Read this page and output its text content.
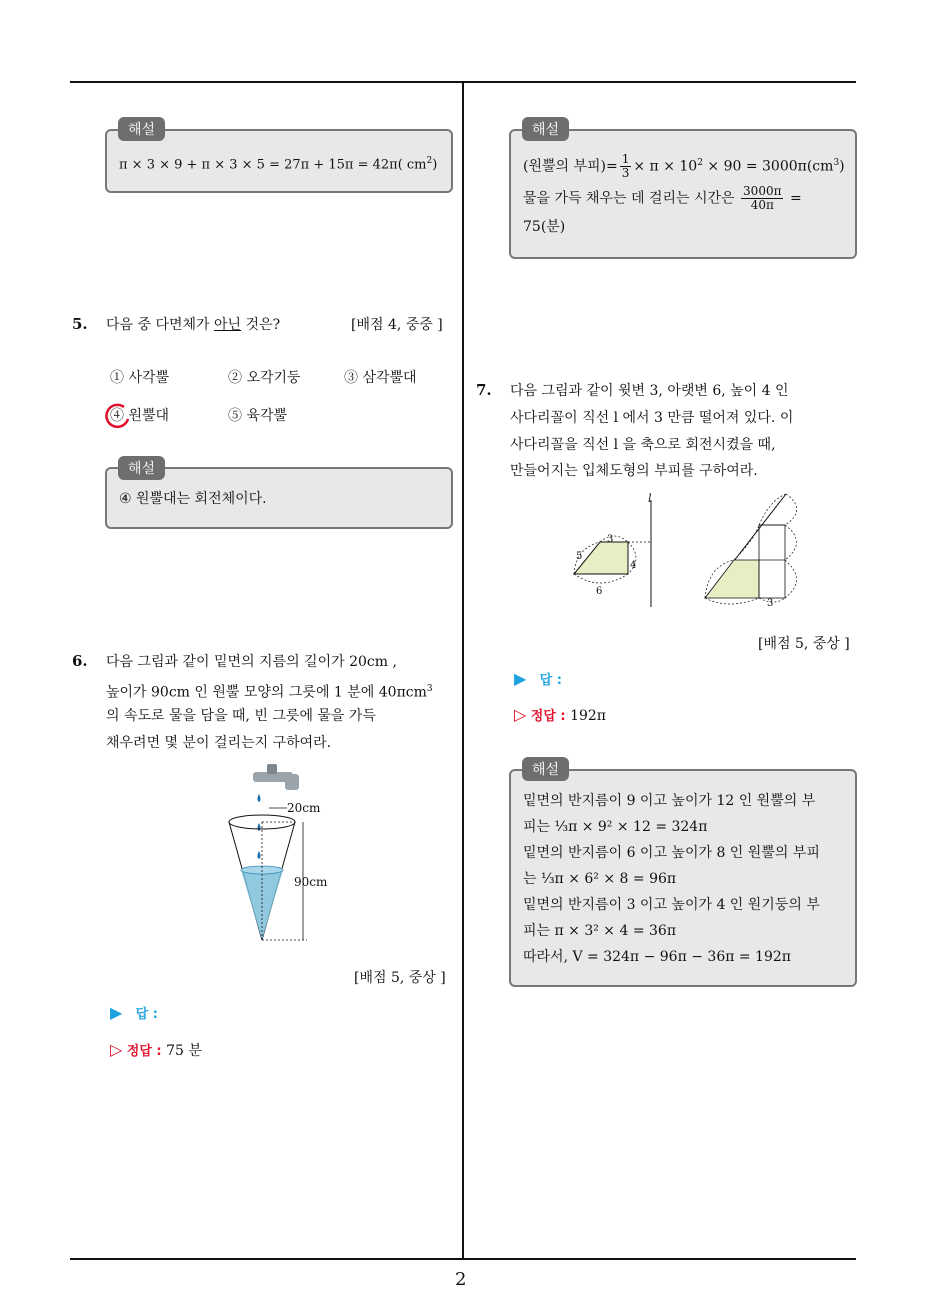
2
π × 3 × 9 + π × 3 × 5 = 27π + 15π = 42π( $cm^2$)
해설
5. 다음 중 다면체가 아닌 것은?	[배점 4, 중중 ]
① 사각뿔	② 오각기둥	③ 삼각뿔대
④ 원뿔대	⑤ 육각뿔
④ 원뿔대는 회전체이다.
해설
6. 다음 그림과 같이 밑면의 지름의 길이가 20cm ,
높이가 90cm 인 원뿔 모양의 그릇에 1 분에 40πcm$^3$
의 속도로 물을 담을 때, 빈 그릇에 물을 가득
채우려면 몇 분이 걸리는지 구하여라.
20cm
90cm
[배점 5, 중상 ]
▶ 답 :
▷ 정답 : 75 분
(원뿔의 부피)= $\frac{1}{3} \times \pi \times 10^2 \times 90 = 3000\pi(cm^3)$
물을 가득 채우는 데 걸리는 시간은 $\frac{3000\pi}{40\pi}$ =
75(분)
해설
7. 다음 그림과 같이 윗변 3, 아랫변 6, 높이 4 인
사다리꼴이 직선 l 에서 3 만큼 떨어져 있다. 이
사다리꼴을 직선 l 을 축으로 회전시켰을 때,
만들어지는 입체도형의 부피를 구하여라.
l
3
5
4
6
3
[배점 5, 중상 ]
▶ 답 :
▷ 정답 : 192π
밑면의 반지름이 9 이고 높이가 12 인 원뿔의 부
피는 ⅓π × 9² × 12 = 324π
밑면의 반지름이 6 이고 높이가 8 인 원뿔의 부피
는 ⅓π × 6² × 8 = 96π
밑면의 반지름이 3 이고 높이가 4 인 원기둥의 부
피는 π × 3² × 4 = 36π
따라서, V = 324π − 96π − 36π = 192π
해설
